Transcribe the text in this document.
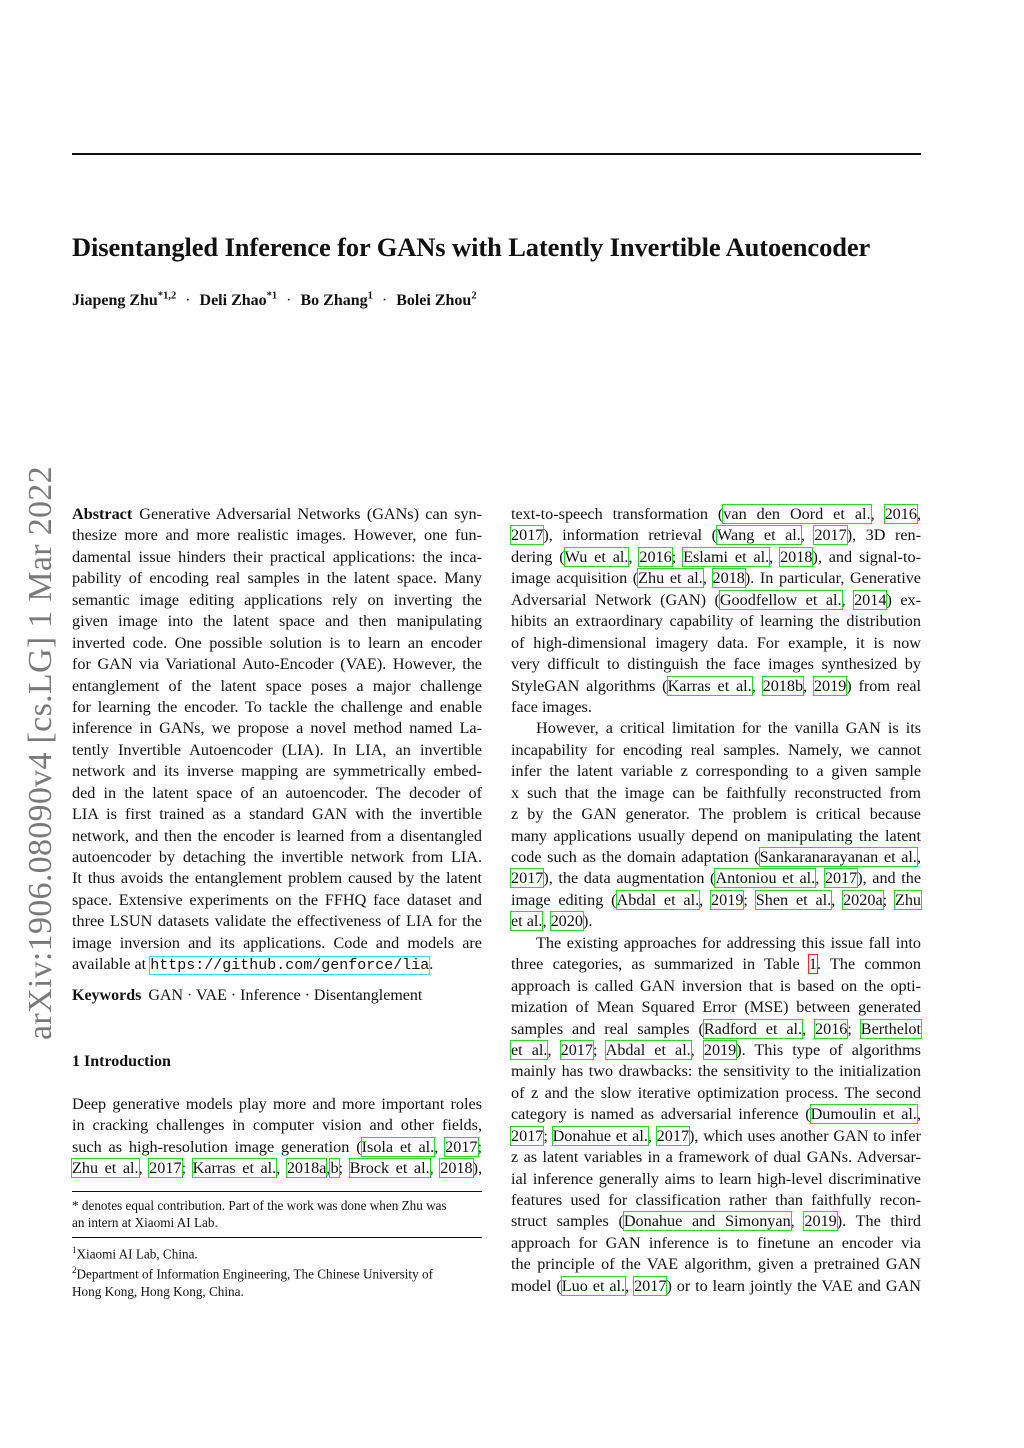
Disentangled Inference for GANs with Latently Invertible Autoencoder
Jiapeng Zhu$^{*1,2}$ · Deli Zhao$^{*1}$ · Bo Zhang$^1$ · Bolei Zhou$^2$
arXiv:1906.08090v4 [cs.LG] 1 Mar 2022 Abstract Generative Adversarial Networks (GANs) can syn-
thesize more and more realistic images. However, one fun-
damental issue hinders their practical applications: the inca-
pability of encoding real samples in the latent space. Many
semantic image editing applications rely on inverting the
given image into the latent space and then manipulating
inverted code. One possible solution is to learn an encoder
for GAN via Variational Auto-Encoder (VAE). However, the
entanglement of the latent space poses a major challenge
for learning the encoder. To tackle the challenge and enable
inference in GANs, we propose a novel method named La-
tently Invertible Autoencoder (LIA). In LIA, an invertible
network and its inverse mapping are symmetrically embed-
ded in the latent space of an autoencoder. The decoder of
LIA is first trained as a standard GAN with the invertible
network, and then the encoder is learned from a disentangled
autoencoder by detaching the invertible network from LIA.
It thus avoids the entanglement problem caused by the latent
space. Extensive experiments on the FFHQ face dataset and
three LSUN datasets validate the effectiveness of LIA for the
image inversion and its applications. Code and models are
available at https://github.com/genforce/lia.
Keywords GAN · VAE · Inference · Disentanglement
1 Introduction
Deep generative models play more and more important roles
in cracking challenges in computer vision and other fields,
such as high-resolution image generation (Isola et al., 2017;
Zhu et al., 2017; Karras et al., 2018a,b; Brock et al., 2018),
* denotes equal contribution. Part of the work was done when Zhu was
an intern at Xiaomi AI Lab.
$^1$Xiaomi AI Lab, China.
$^2$Department of Information Engineering, The Chinese University of
Hong Kong, Hong Kong, China.
text-to-speech transformation (van den Oord et al., 2016,
2017), information retrieval (Wang et al., 2017), 3D ren-
dering (Wu et al., 2016; Eslami et al., 2018), and signal-to-
image acquisition (Zhu et al., 2018). In particular, Generative
Adversarial Network (GAN) (Goodfellow et al., 2014) ex-
hibits an extraordinary capability of learning the distribution
of high-dimensional imagery data. For example, it is now
very difficult to distinguish the face images synthesized by
StyleGAN algorithms (Karras et al., 2018b, 2019) from real
face images.
However, a critical limitation for the vanilla GAN is its
incapability for encoding real samples. Namely, we cannot
infer the latent variable z corresponding to a given sample
x such that the image can be faithfully reconstructed from
z by the GAN generator. The problem is critical because
many applications usually depend on manipulating the latent
code such as the domain adaptation (Sankaranarayanan et al.,
2017), the data augmentation (Antoniou et al., 2017), and the
image editing (Abdal et al., 2019; Shen et al., 2020a; Zhu
et al., 2020).
The existing approaches for addressing this issue fall into
three categories, as summarized in Table 1. The common
approach is called GAN inversion that is based on the opti-
mization of Mean Squared Error (MSE) between generated
samples and real samples (Radford et al., 2016; Berthelot
et al., 2017; Abdal et al., 2019). This type of algorithms
mainly has two drawbacks: the sensitivity to the initialization
of z and the slow iterative optimization process. The second
category is named as adversarial inference (Dumoulin et al.,
2017; Donahue et al., 2017), which uses another GAN to infer
z as latent variables in a framework of dual GANs. Adversar-
ial inference generally aims to learn high-level discriminative
features used for classification rather than faithfully recon-
struct samples (Donahue and Simonyan, 2019). The third
approach for GAN inference is to finetune an encoder via
the principle of the VAE algorithm, given a pretrained GAN
model (Luo et al., 2017) or to learn jointly the VAE and GAN
